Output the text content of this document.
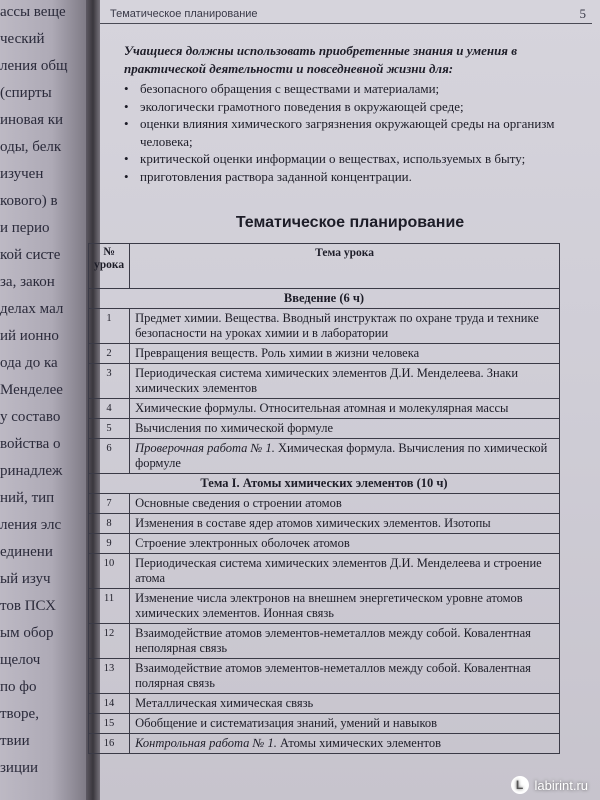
ассы веще
ческий
ления общ
(спирты
иновая ки
оды, белк
изучен
кового) в
и перио
кой систе
за, закон
делах мал
ий ионно
ода до ка
Менделее
у составо
войства о
ринадлеж
ний, тип
ления элс
единени
ый изуч
тов ПСХ
ым обор
щелоч
по фо
творе,
твии
зиции
Тематическое планирование	5
Учащиеся должны использовать приобретенные знания и умения в практической деятельности и повседневной жизни для:
• безопасного обращения с веществами и материалами;
• экологически грамотного поведения в окружающей среде;
• оценки влияния химического загрязнения окружающей среды на организм человека;
• критической оценки информации о веществах, используемых в быту;
• приготовления раствора заданной концентрации.
Тематическое планирование
№ урока	Тема урока
Введение (6 ч)	
1	Предмет химии. Вещества. Вводный инструктаж по охране труда и технике безопасности на уроках химии и в лаборатории
2	Превращения веществ. Роль химии в жизни человека
3	Периодическая система химических элементов Д.И. Менделеева. Знаки химических элементов
4	Химические формулы. Относительная атомная и молекулярная массы
5	Вычисления по химической формуле
6	Проверочная работа № 1. Химическая формула. Вычисления по химической формуле
Тема I. Атомы химических элементов (10 ч)	
7	Основные сведения о строении атомов
8	Изменения в составе ядер атомов химических элементов. Изотопы
9	Строение электронных оболочек атомов
10	Периодическая система химических элементов Д.И. Менделеева и строение атома
11	Изменение числа электронов на внешнем энергетическом уровне атомов химических элементов. Ионная связь
12	Взаимодействие атомов элементов-неметаллов между собой. Ковалентная неполярная связь
13	Взаимодействие атомов элементов-неметаллов между собой. Ковалентная полярная связь
14	Металлическая химическая связь
15	Обобщение и систематизация знаний, умений и навыков
16	Контрольная работа № 1. Атомы химических элементов
L labirint.ru
